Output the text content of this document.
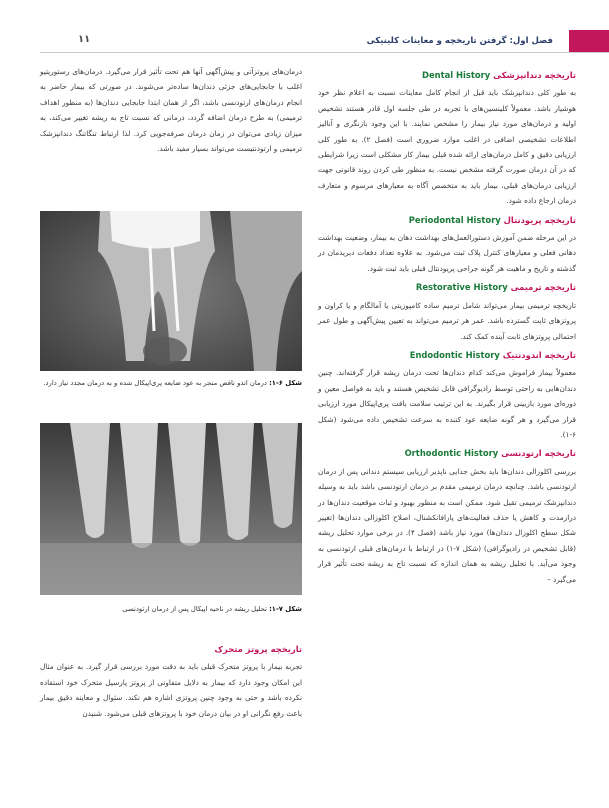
فصل اول: گرفتن تاریخچه و معاینات کلینیکی
۱۱
تاریخچه دندانپزشکی Dental History

به طور کلی دندانپزشک باید قبل از انجام کامل معاینات نسبت به اعلام نظر خود هوشیار باشد. معمولاً کلینسین‌های با تجربه در طی جلسه اول قادر هستند تشخیص اولیه و درمان‌های مورد نیاز بیمار را مشخص نمایند. با این وجود بازنگری و آنالیز اطلاعات تشخیصی اضافی در اغلب موارد ضروری است (فصل ۲). به طور کلی ارزیابی دقیق و کامل درمان‌های ارائه شده قبلی بیمار کار مشکلی است زیرا شرایطی که در آن درمان صورت گرفته مشخص نیست. به منظور طی کردن روند قانونی جهت ارزیابی درمان‌های قبلی، بیمار باید به متخصص آگاه به معیارهای مرسوم و متعارف درمان ارجاع داده شود.

تاریخچه پریودنتال Periodontal History

در این مرحله ضمن آموزش دستورالعمل‌های بهداشت دهان به بیمار، وضعیت بهداشت دهانی فعلی و معیارهای کنترل پلاک ثبت می‌شود. به علاوه تعداد دفعات دبریدمان در گذشته و تاریخ و ماهیت هر گونه جراحی پریودنتال قبلی باید ثبت شود.

تاریخچه ترمیمی Restorative History

تاریخچه ترمیمی بیمار می‌تواند شامل ترمیم ساده کامپوزیتی یا آمالگام و یا کراون و پروتزهای ثابت گسترده باشد. عمر هر ترمیم می‌تواند به تعیین پیش‌آگهی و طول عمر احتمالی پروتزهای ثابت آینده کمک کند.

تاریخچه اندودنتیک Endodontic History

معمولاً بیمار فراموش می‌کند کدام دندان‌ها تحت درمان ریشه قرار گرفته‌اند. چنین دندان‌هایی به راحتی توسط رادیوگرافی قابل تشخیص هستند و باید به فواصل معین و دوره‌ای مورد بازبینی قرار بگیرند. به این ترتیب سلامت بافت پری‌اپیکال مورد ارزیابی قرار می‌گیرد و هر گونه ضایعه عود کننده به سرعت تشخیص داده می‌شود (شکل ۶-۱).

تاریخچه ارتودنسی Orthodontic History

بررسی اکلوزالی دندان‌ها باید بخش جدایی ناپذیر ارزیابی سیستم دندانی پس از درمان ارتودنسی باشد. چنانچه درمان ترمیمی مقدم بر درمان ارتودنسی باشد باید به وسیله دندانپزشک ترمیمی تقبل شود. ممکن است به منظور بهبود و ثبات موقعیت دندان‌ها در درازمدت و کاهش یا حذف فعالیت‌های پارافانکشنال، اصلاح اکلوزالی دندان‌ها (تغییر شکل سطح اکلوزال دندان‌ها) مورد نیاز باشد (فصل ۴). در برخی موارد تحلیل ریشه (قابل تشخیص در رادیوگرافی) (شکل ۷-۱) در ارتباط با درمان‌های قبلی ارتودنسی به وجود می‌آید. با تحلیل ریشه به همان اندازه که نسبت تاج به ریشه تحت تأثیر قرار می‌گیرد –

درمان‌های پروتزآتی و پیش‌آگهی آنها هم تحت تأثیر قرار می‌گیرد. درمان‌های رستوریتیو اغلب با جابجایی‌های جزئی دندان‌ها ساده‌تر می‌شوند. در صورتی که بیمار حاضر به انجام درمان‌های ارتودنسی باشد، اگر از همان ابتدا جابجایی دندان‌ها (به منظور اهداف ترمیمی) به طرح درمان اضافه گردد، درمانی که نسبت تاج به ریشه تغییر می‌کند، به میزان زیادی می‌توان در زمان درمان صرفه‌جویی کرد. لذا ارتباط تنگاتنگ دندانپزشک ترمیمی و ارتودنتیست می‌تواند بسیار مفید باشد.
شکل ۶-۱: درمان اندو ناقص منجر به عود ضایعه پری‌اپیکال شده و به درمان مجدد نیاز دارد.
شکل ۷-۱: تحلیل ریشه در ناحیه اپیکال پس از درمان ارتودنسی
تاریخچه پروتز متحرک

تجربه بیمار با پروتز متحرک قبلی باید به دقت مورد بررسی قرار گیرد. به عنوان مثال این امکان وجود دارد که بیمار به دلایل متفاوتی از پروتز پارسیل متحرک خود استفاده نکرده باشد و حتی به وجود چنین پروتزی اشاره هم نکند. سئوال و معاینه دقیق بیمار باعث رفع نگرانی او در بیان درمان خود با پروتزهای قبلی می‌شود. شنیدن
